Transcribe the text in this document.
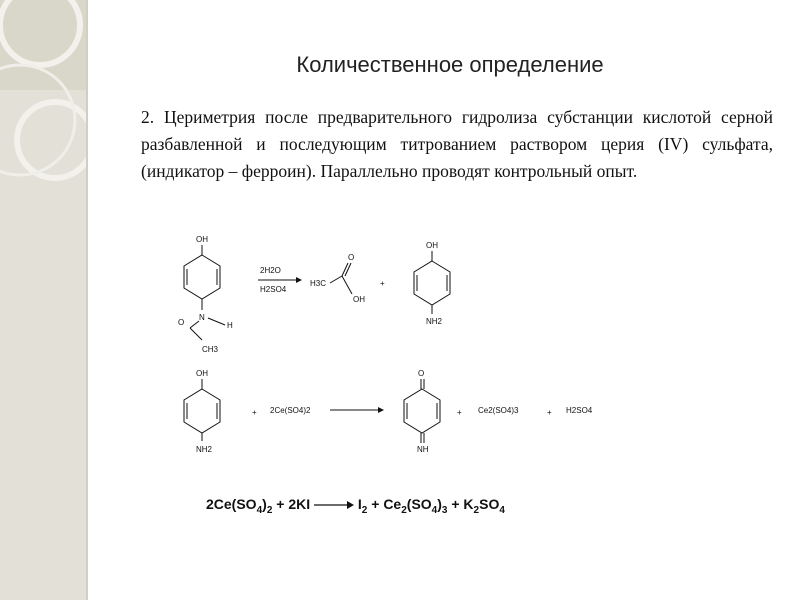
Количественное определение
2. Цериметрия после предварительного гидролиза субстанции кислотой серной разбавленной и последующим титрованием раствором церия (IV) сульфата, (индикатор – ферроин). Параллельно проводят контрольный опыт.
OH
N
H
O
CH3
2H2O
H2SO4
H3C
O
OH
+
OH
NH2
OH
NH2
+ 2Ce(SO4)2
O
NH
+ Ce2(SO4)3	+ H2SO4
$2Ce(SO_4)_2 + 2KI$	$I_2 + Ce_2(SO_4)_3 + K_2SO_4$
